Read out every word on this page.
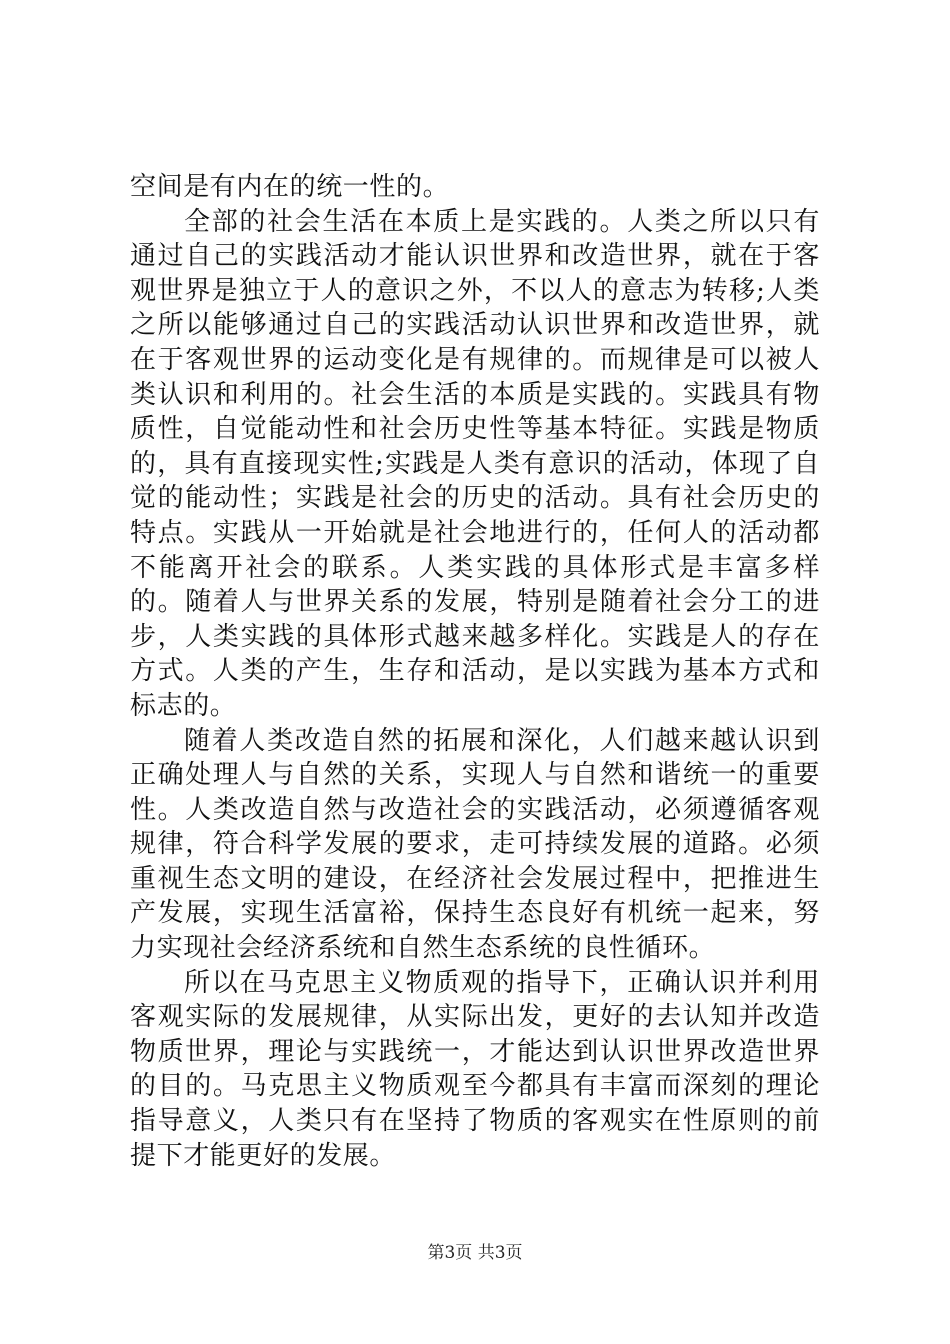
空间是有内在的统一性的。

全部的社会生活在本质上是实践的。人类之所以只有通过自己的实践活动才能认识世界和改造世界，就在于客观世界是独立于人的意识之外，不以人的意志为转移;人类之所以能够通过自己的实践活动认识世界和改造世界，就在于客观世界的运动变化是有规律的。而规律是可以被人类认识和利用的。社会生活的本质是实践的。实践具有物质性，自觉能动性和社会历史性等基本特征。实践是物质的，具有直接现实性;实践是人类有意识的活动，体现了自觉的能动性；实践是社会的历史的活动。具有社会历史的特点。实践从一开始就是社会地进行的，任何人的活动都不能离开社会的联系。人类实践的具体形式是丰富多样的。随着人与世界关系的发展，特别是随着社会分工的进步，人类实践的具体形式越来越多样化。实践是人的存在方式。人类的产生，生存和活动，是以实践为基本方式和标志的。

随着人类改造自然的拓展和深化，人们越来越认识到正确处理人与自然的关系，实现人与自然和谐统一的重要性。人类改造自然与改造社会的实践活动，必须遵循客观规律，符合科学发展的要求，走可持续发展的道路。必须重视生态文明的建设，在经济社会发展过程中，把推进生产发展，实现生活富裕，保持生态良好有机统一起来，努力实现社会经济系统和自然生态系统的良性循环。

所以在马克思主义物质观的指导下，正确认识并利用客观实际的发展规律，从实际出发，更好的去认知并改造物质世界，理论与实践统一，才能达到认识世界改造世界的目的。马克思主义物质观至今都具有丰富而深刻的理论指导意义，人类只有在坚持了物质的客观实在性原则的前提下才能更好的发展。

第3页 共3页
